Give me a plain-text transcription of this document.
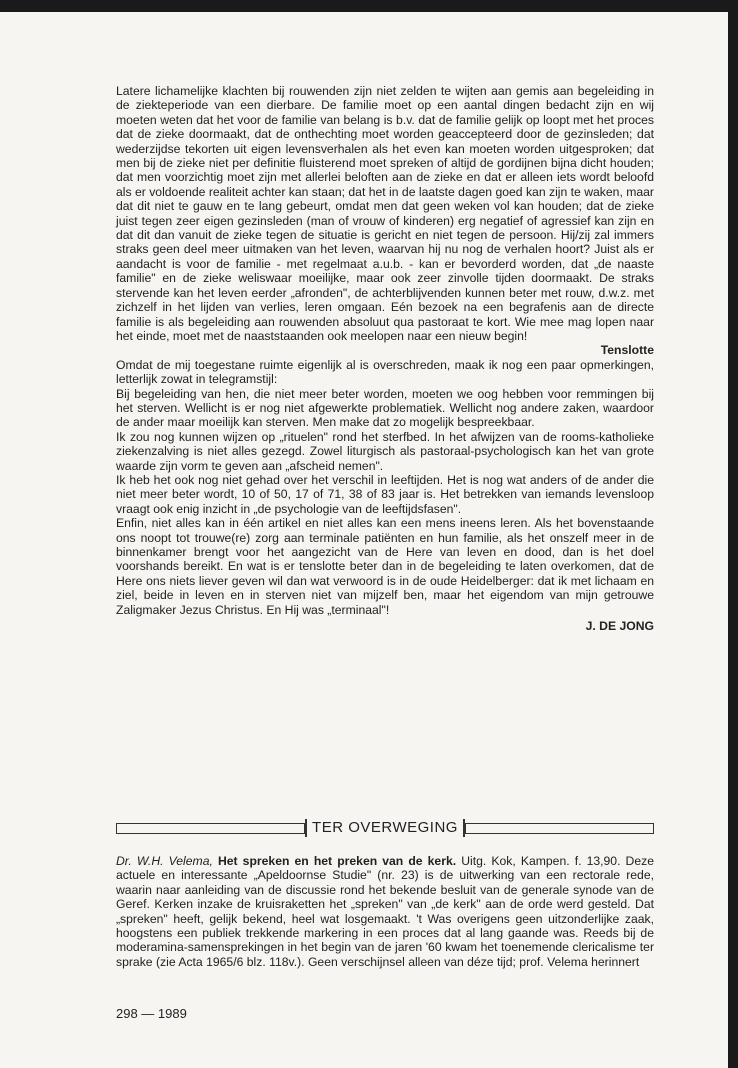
Latere lichamelijke klachten bij rouwenden zijn niet zelden te wijten aan gemis aan begeleiding in de ziekteperiode van een dierbare. De familie moet op een aantal dingen bedacht zijn en wij moeten weten dat het voor de familie van belang is b.v. dat de familie gelijk op loopt met het proces dat de zieke doormaakt, dat de onthechting moet worden geaccepteerd door de gezinsleden; dat wederzijdse tekorten uit eigen levensverhalen als het even kan moeten worden uitgesproken; dat men bij de zieke niet per definitie fluisterend moet spreken of altijd de gordijnen bijna dicht houden; dat men voorzichtig moet zijn met allerlei beloften aan de zieke en dat er alleen iets wordt beloofd als er voldoende realiteit achter kan staan; dat het in de laatste dagen goed kan zijn te waken, maar dat dit niet te gauw en te lang gebeurt, omdat men dat geen weken vol kan houden; dat de zieke juist tegen zeer eigen gezinsleden (man of vrouw of kinderen) erg negatief of agressief kan zijn en dat dit dan vanuit de zieke tegen de situatie is gericht en niet tegen de persoon. Hij/zij zal immers straks geen deel meer uitmaken van het leven, waarvan hij nu nog de verhalen hoort? Juist als er aandacht is voor de familie - met regelmaat a.u.b. - kan er bevorderd worden, dat „de naaste familie" en de zieke weliswaar moeilijke, maar ook zeer zinvolle tijden doormaakt. De straks stervende kan het leven eerder „afronden", de achterblijvenden kunnen beter met rouw, d.w.z. met zichzelf in het lijden van verlies, leren omgaan. Eén bezoek na een begrafenis aan de directe familie is als begeleiding aan rouwenden absoluut qua pastoraat te kort. Wie mee mag lopen naar het einde, moet met de naaststaanden ook meelopen naar een nieuw begin!

Tenslotte

Omdat de mij toegestane ruimte eigenlijk al is overschreden, maak ik nog een paar opmerkingen, letterlijk zowat in telegramstijl:

Bij begeleiding van hen, die niet meer beter worden, moeten we oog hebben voor remmingen bij het sterven. Wellicht is er nog niet afgewerkte problematiek. Wellicht nog andere zaken, waardoor de ander maar moeilijk kan sterven. Men make dat zo mogelijk bespreekbaar.

Ik zou nog kunnen wijzen op „rituelen" rond het sterfbed. In het afwijzen van de rooms-katholieke ziekenzalving is niet alles gezegd. Zowel liturgisch als pastoraal-psychologisch kan het van grote waarde zijn vorm te geven aan „afscheid nemen".

Ik heb het ook nog niet gehad over het verschil in leeftijden. Het is nog wat anders of de ander die niet meer beter wordt, 10 of 50, 17 of 71, 38 of 83 jaar is. Het betrekken van iemands levensloop vraagt ook enig inzicht in „de psychologie van de leeftijdsfasen".

Enfin, niet alles kan in één artikel en niet alles kan een mens ineens leren. Als het bovenstaande ons noopt tot trouwe(re) zorg aan terminale patiënten en hun familie, als het onszelf meer in de binnenkamer brengt voor het aangezicht van de Here van leven en dood, dan is het doel voorshands bereikt. En wat is er tenslotte beter dan in de begeleiding te laten overkomen, dat de Here ons niets liever geven wil dan wat verwoord is in de oude Heidelberger: dat ik met lichaam en ziel, beide in leven en in sterven niet van mijzelf ben, maar het eigendom van mijn getrouwe Zaligmaker Jezus Christus. En Hij was „terminaal"!

J. DE JONG

TER OVERWEGING

Dr. W.H. Velema, Het spreken en het preken van de kerk. Uitg. Kok, Kampen. f. 13,90. Deze actuele en interessante „Apeldoornse Studie" (nr. 23) is de uitwerking van een rectorale rede, waarin naar aanleiding van de discussie rond het bekende besluit van de generale synode van de Geref. Kerken inzake de kruisraketten het „spreken" van „de kerk" aan de orde werd gesteld. Dat „spreken" heeft, gelijk bekend, heel wat losgemaakt. 't Was overigens geen uitzonderlijke zaak, hoogstens een publiek trekkende markering in een proces dat al lang gaande was. Reeds bij de moderamina-samensprekingen in het begin van de jaren '60 kwam het toenemende clericalisme ter sprake (zie Acta 1965/6 blz. 118v.). Geen verschijnsel alleen van déze tijd; prof. Velema herinnert

298 — 1989
